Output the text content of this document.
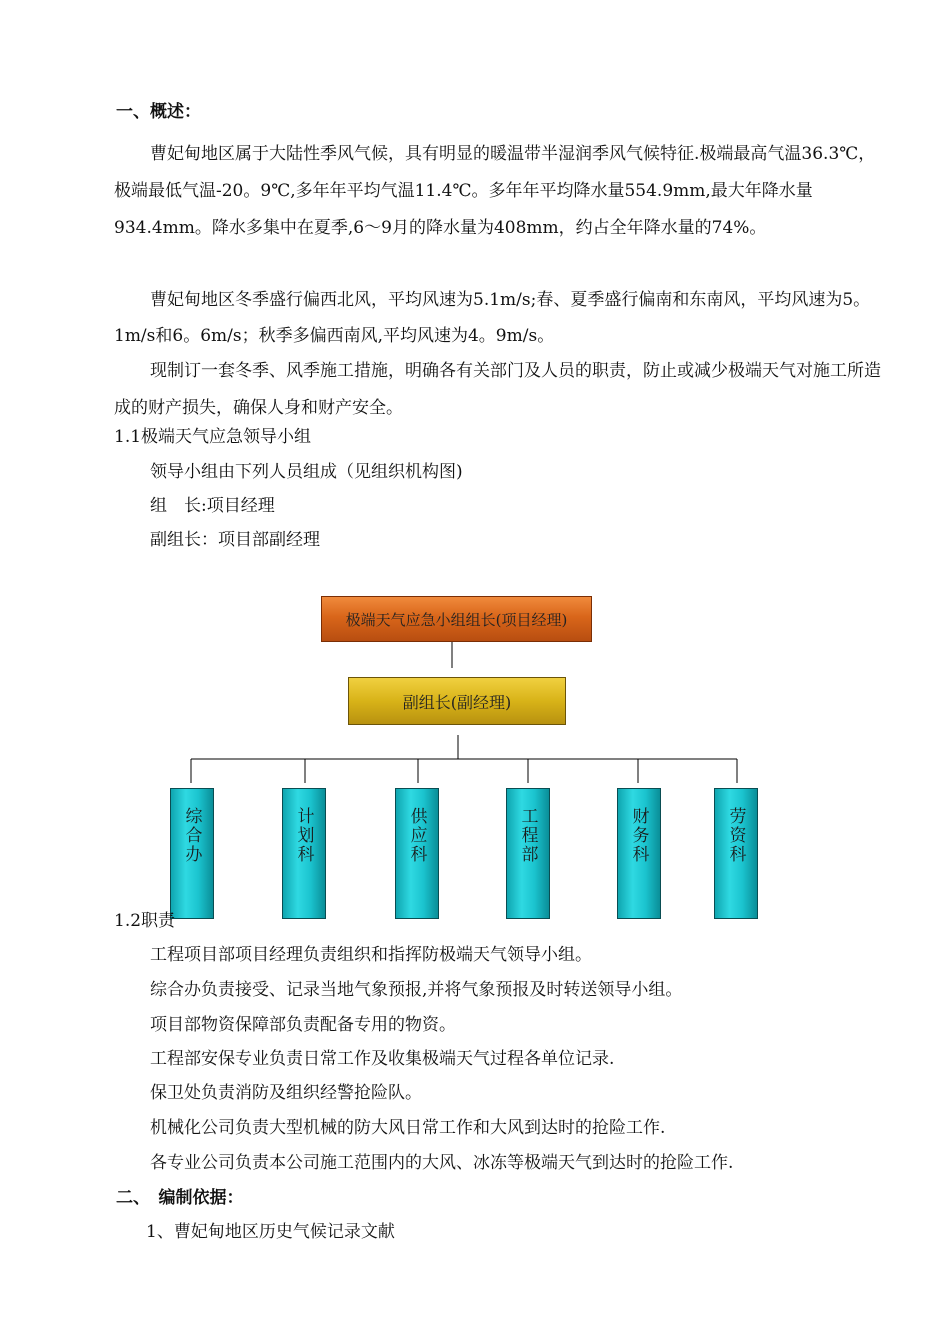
一、概述：
曹妃甸地区属于大陆性季风气候，具有明显的暖温带半湿润季风气候特征.极端最高气温36.3℃，极端最低气温-20。9℃,多年年平均气温11.4℃。多年年平均降水量554.9mm,最大年降水量934.4mm。降水多集中在夏季,6～9月的降水量为408mm，约占全年降水量的74%。
曹妃甸地区冬季盛行偏西北风，平均风速为5.1m/s;春、夏季盛行偏南和东南风，平均风速为5。1m/s和6。6m/s；秋季多偏西南风,平均风速为4。9m/s。
现制订一套冬季、风季施工措施，明确各有关部门及人员的职责，防止或减少极端天气对施工所造成的财产损失，确保人身和财产安全。
1.1极端天气应急领导小组
领导小组由下列人员组成（见组织机构图)
组　长:项目经理
副组长：项目部副经理
极端天气应急小组组长(项目经理)
副组长(副经理)
综合办	计划科	供应科	工程部	财务科	劳资科
1.2职责
工程项目部项目经理负责组织和指挥防极端天气领导小组。
综合办负责接受、记录当地气象预报,并将气象预报及时转送领导小组。
项目部物资保障部负责配备专用的物资。
工程部安保专业负责日常工作及收集极端天气过程各单位记录.
保卫处负责消防及组织经警抢险队。
机械化公司负责大型机械的防大风日常工作和大风到达时的抢险工作.
各专业公司负责本公司施工范围内的大风、冰冻等极端天气到达时的抢险工作.
二、　编制依据：
1、曹妃甸地区历史气候记录文献
